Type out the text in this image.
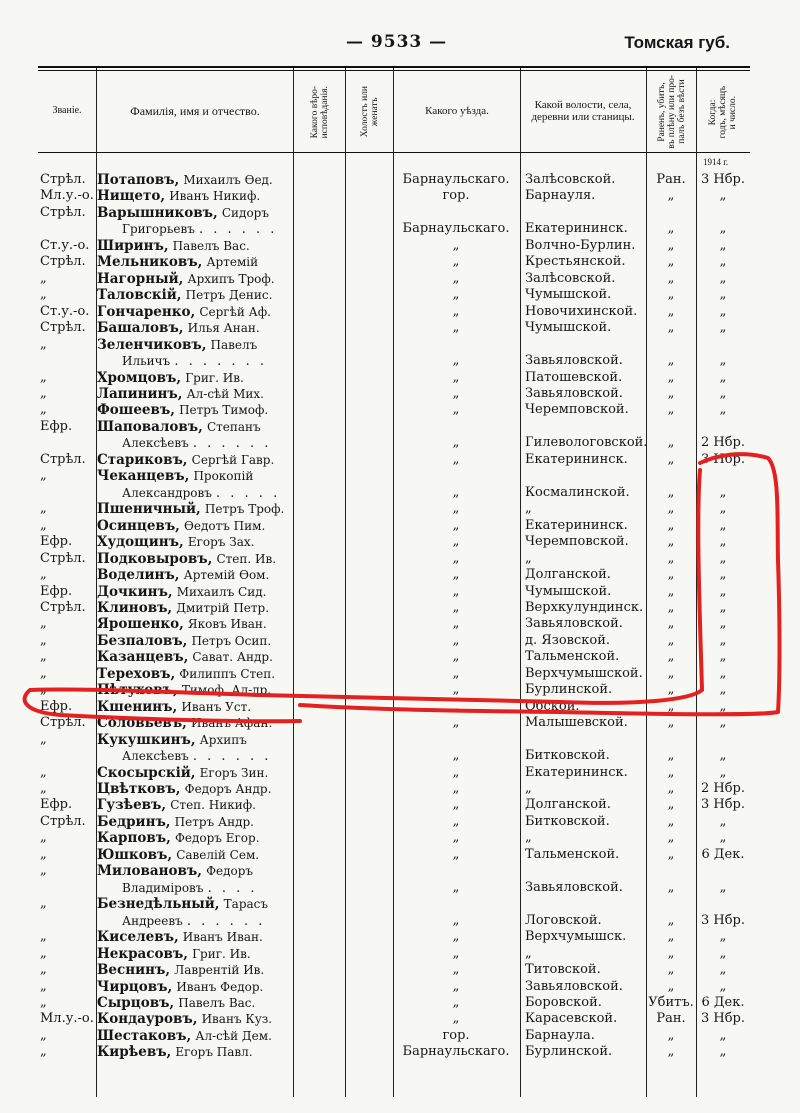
— 9533 —	Томская губ.
Званіе.	Фамилія, имя и отчество.	Какого вѣро-
исповѣданія.	Холостъ или
женатъ	Какого уѣзда.	Какой волости, села, деревни или станицы.	Раненъ, убитъ,
въ плѣну или про-
палъ безъ вѣсти
Когда:
годъ, мѣсяцъ
и число.
1914 г.
Стрѣл. Потаповъ, Михаилъ Ѳед.	Барнаульскаго.	Залѣсовской.	Ран.	3 Нбр.
Мл.у.-о. Нището, Иванъ Никиф.	гор.	Барнауля.	„	„
Стрѣл. Варышниковъ, Сидоръ
Григорьевъ . . . . . .	Барнаульскаго.	Екатерининск.	„	„
Ст.у.-о. Ширинъ, Павелъ Вас.	„	Волчно-Бурлин.	„	„
Стрѣл. Мельниковъ, Артемій	„	Крестьянской.	„	„
„	Нагорный, Архипъ Троф.	„	Залѣсовской.	„	„
„	Таловскій, Петръ Денис.	„	Чумышской.	„	„
Ст.у.-о. Гончаренко, Сергѣй Аф.	„	Новочихинской.	„	„
Стрѣл. Башаловъ, Илья Анан.	„	Чумышской.	„	„
„	Зеленчиковъ, Павелъ
Ильичъ . . . . . . .	„	Завьяловской.	„	„
„	Хромцовъ, Григ. Ив.	„	Патошевской.	„	„
„	Лапининъ, Ал-сѣй Мих.	„	Завьяловской.	„	„
„	Фошеевъ, Петръ Тимоф.	„	Черемповской.	„	„
Ефр.	Шаповаловъ, Степанъ
Алексѣевъ . . . . . .	„	Гилевологовской.	„	2 Нбр.
Стрѣл. Стариковъ, Сергѣй Гавр.	„	Екатерининск.	„	3 Нбр.
„	Чеканцевъ, Прокопій
Александровъ . . . . .	„	Космалинской.	„	„
„	Пшеничный, Петръ Троф.	„	„	„	„
„	Осинцевъ, Ѳедотъ Пим.	„	Екатерининск.	„	„
Ефр.	Худощинъ, Егоръ Зах.	„	Черемповской.	„	„
Стрѣл. Подковыровъ, Степ. Ив.	„	„	„	„
„	Воделинъ, Артемій Ѳом.	„	Долганской.	„	„
Ефр.	Дочкинъ, Михаилъ Сид.	„	Чумышской.	„	„
Стрѣл. Клиновъ, Дмитрій Петр.	„	Верхкулундинск.	„	„
„	Ярошенко, Яковъ Иван.	„	Завьяловской.	„	„
„	Безпаловъ, Петръ Осип.	„	д. Язовской.	„	„
„	Казанцевъ, Сават. Андр.	„	Тальменской.	„	„
„	Тереховъ, Филиппъ Степ.	„	Верхчумышской.	„	„
„	Пѣтуховъ, Тимоф. Ал-др.	„	Бурлинской.	„	„
Ефр.	Кшенинъ, Иванъ Уст.	„	Обской.	„	„
Стрѣл. Соловьевъ, Иванъ Афан.	„	Малышевской.	„	„
„	Кукушкинъ, Архипъ
Алексѣевъ . . . . . .	„	Битковской.	„	„
„	Скосырскій, Егоръ Зин.	„	Екатерининск.	„	„
„	Цвѣтковъ, Федоръ Андр.	„	„	„	2 Нбр.
Ефр.	Гузѣевъ, Степ. Никиф.	„	Долганской.	„	3 Нбр.
Стрѣл. Бедринъ, Петръ Андр.	„	Битковской.	„	„
„	Карповъ, Федоръ Егор.	„	„	„	„
„	Юшковъ, Савелій Сем.	„	Тальменской.	„	6 Дек.
„	Миловановъ, Федоръ
Владиміровъ . . . .	„	Завьяловской.	„	„
„	Безнедѣльный, Тарасъ
Андреевъ . . . . . .	„	Логовской.	„	3 Нбр.
„	Киселевъ, Иванъ Иван.	„	Верхчумышск.	„	„
„	Некрасовъ, Григ. Ив.	„	„	„	„
„	Веснинъ, Лаврентій Ив.	„	Титовской.	„	„
„	Чирцовъ, Иванъ Федор.	„	Завьяловской.	„	„
„	Сырцовъ, Павелъ Вас.	„	Боровской.	Убитъ. 6 Дек.
Мл.у.-о. Кондауровъ, Иванъ Куз.	„	Карасевской.	Ран.	3 Нбр.
„	Шестаковъ, Ал-сѣй Дем.	гор.	Барнаула.	„	„
„	Кирѣевъ, Егоръ Павл.	Барнаульскаго.	Бурлинской.	„	„
